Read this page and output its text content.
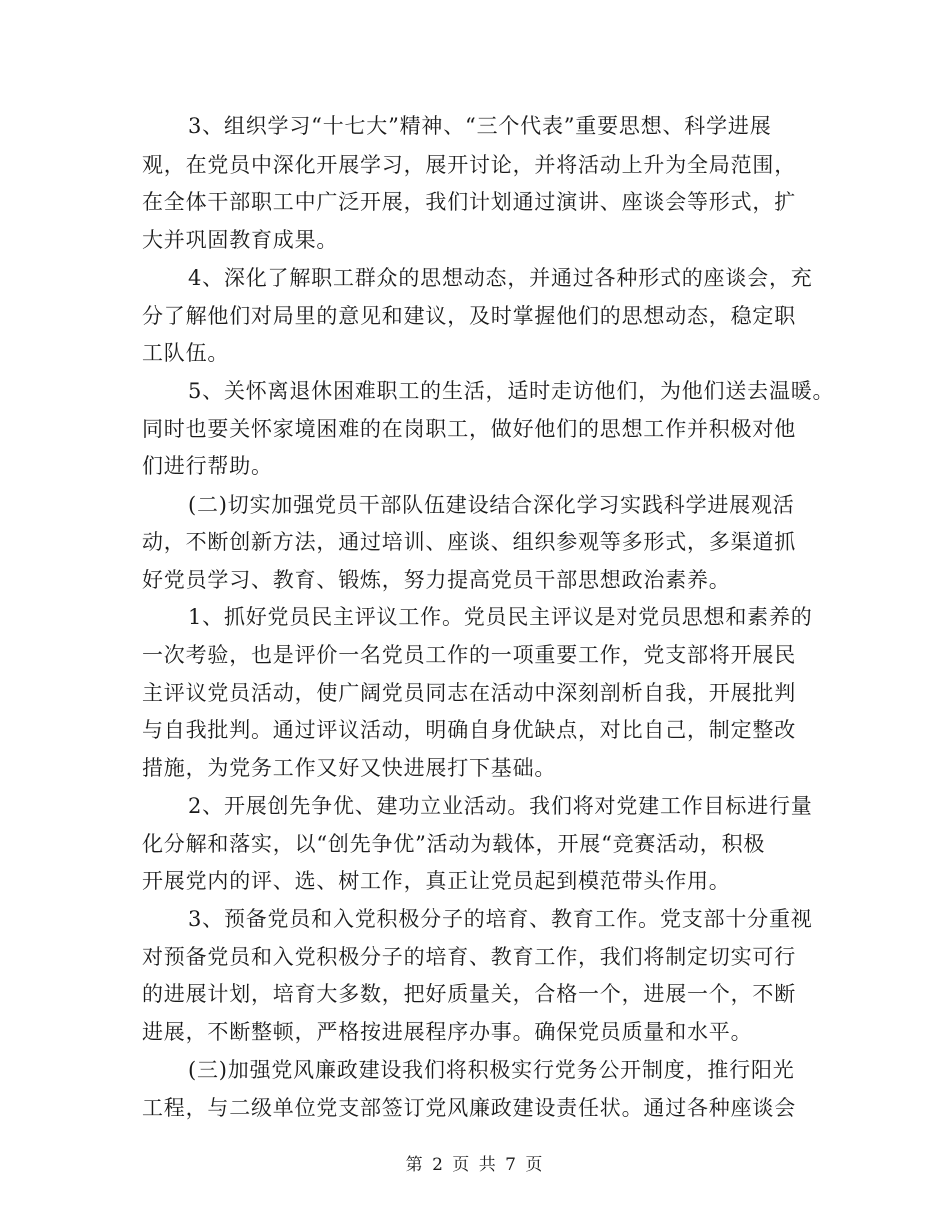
3、组织学习“十七大”精神、“三个代表”重要思想、科学进展
观，在党员中深化开展学习，展开讨论，并将活动上升为全局范围，
在全体干部职工中广泛开展，我们计划通过演讲、座谈会等形式，扩
大并巩固教育成果。
4、深化了解职工群众的思想动态，并通过各种形式的座谈会，充
分了解他们对局里的意见和建议，及时掌握他们的思想动态，稳定职
工队伍。
5、关怀离退休困难职工的生活，适时走访他们，为他们送去温暖。
同时也要关怀家境困难的在岗职工，做好他们的思想工作并积极对他
们进行帮助。
(二)切实加强党员干部队伍建设结合深化学习实践科学进展观活
动，不断创新方法，通过培训、座谈、组织参观等多形式，多渠道抓
好党员学习、教育、锻炼，努力提高党员干部思想政治素养。
1、抓好党员民主评议工作。党员民主评议是对党员思想和素养的
一次考验，也是评价一名党员工作的一项重要工作，党支部将开展民
主评议党员活动，使广阔党员同志在活动中深刻剖析自我，开展批判
与自我批判。通过评议活动，明确自身优缺点，对比自己，制定整改
措施，为党务工作又好又快进展打下基础。
2、开展创先争优、建功立业活动。我们将对党建工作目标进行量
化分解和落实，以“创先争优”活动为载体，开展“竞赛活动，积极
开展党内的评、选、树工作，真正让党员起到模范带头作用。
3、预备党员和入党积极分子的培育、教育工作。党支部十分重视
对预备党员和入党积极分子的培育、教育工作，我们将制定切实可行
的进展计划，培育大多数，把好质量关，合格一个，进展一个，不断
进展，不断整顿，严格按进展程序办事。确保党员质量和水平。
(三)加强党风廉政建设我们将积极实行党务公开制度，推行阳光
工程，与二级单位党支部签订党风廉政建设责任状。通过各种座谈会
第 2 页 共 7 页
